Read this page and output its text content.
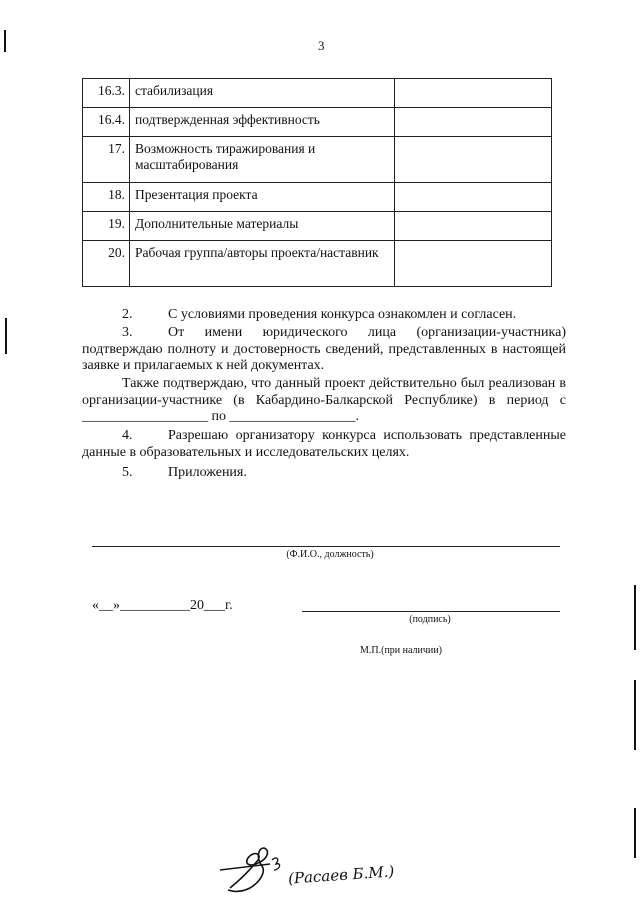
3
16.3.	стабилизация	
16.4.	подтвержденная эффективность	
17.	Возможность тиражирования и масштабирования	
18.	Презентация проекта	
19.	Дополнительные материалы	
20.	Рабочая группа/авторы проекта/наставник	
2.	С условиями проведения конкурса ознакомлен и согласен.
3.	От имени юридического лица (организации-участника) подтверждаю полноту и достоверность сведений, представленных в настоящей заявке и прилагаемых к ней документах.
Также подтверждаю, что данный проект действительно был реализован в организации-участнике (в Кабардино-Балкарской Республике) в период с __________________ по __________________.
4.	Разрешаю организатору конкурса использовать представленные данные в образовательных и исследовательских целях.
5.	Приложения.
(Ф.И.О., должность)
«__»__________20___г.
(подпись)
М.П.(при наличии)
(Расаев Б.М.)
